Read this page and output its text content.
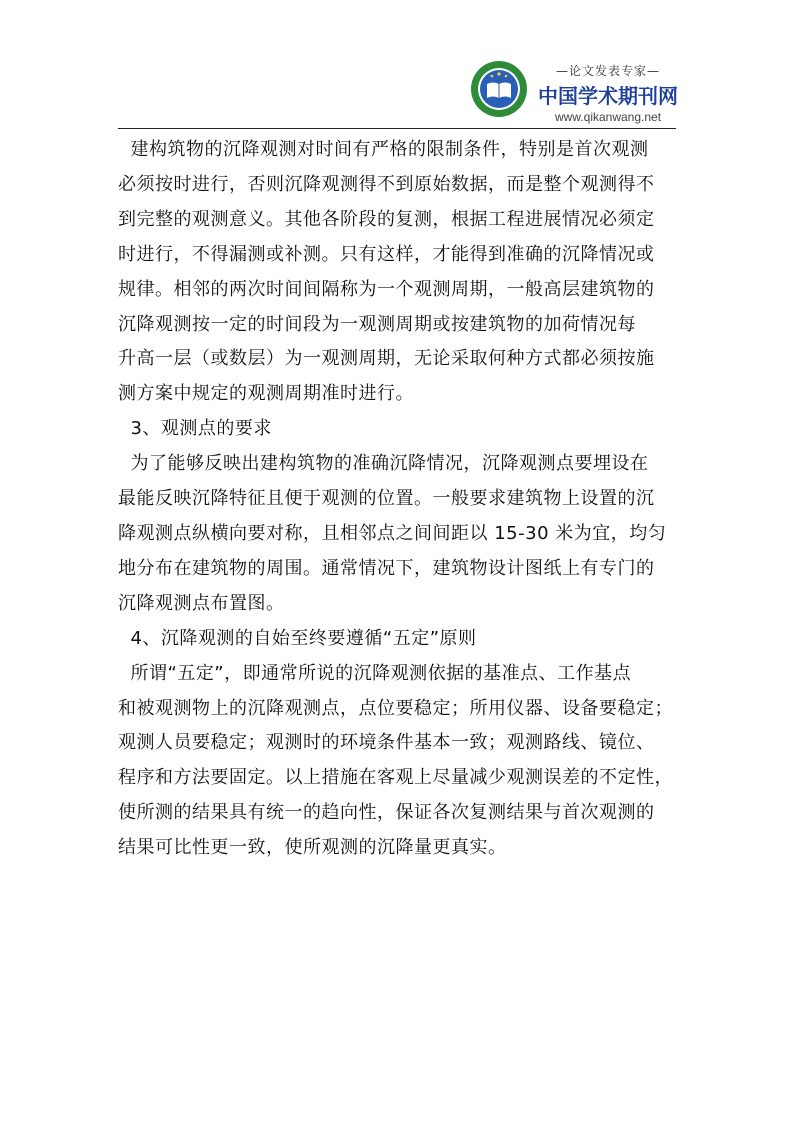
—论文发表专家—
中国学术期刊网
www.qikanwang.net

建构筑物的沉降观测对时间有严格的限制条件，特别是首次观测

必须按时进行，否则沉降观测得不到原始数据，而是整个观测得不

到完整的观测意义。其他各阶段的复测，根据工程进展情况必须定

时进行，不得漏测或补测。只有这样，才能得到准确的沉降情况或

规律。相邻的两次时间间隔称为一个观测周期，一般高层建筑物的

沉降观测按一定的时间段为一观测周期或按建筑物的加荷情况每

升高一层（或数层）为一观测周期，无论采取何种方式都必须按施

测方案中规定的观测周期准时进行。

3、观测点的要求

为了能够反映出建构筑物的准确沉降情况，沉降观测点要埋设在

最能反映沉降特征且便于观测的位置。一般要求建筑物上设置的沉

降观测点纵横向要对称，且相邻点之间间距以 15-30 米为宜，均匀

地分布在建筑物的周围。通常情况下，建筑物设计图纸上有专门的

沉降观测点布置图。

4、沉降观测的自始至终要遵循“五定”原则

所谓“五定”，即通常所说的沉降观测依据的基准点、工作基点

和被观测物上的沉降观测点，点位要稳定；所用仪器、设备要稳定；

观测人员要稳定；观测时的环境条件基本一致；观测路线、镜位、

程序和方法要固定。以上措施在客观上尽量减少观测误差的不定性，

使所测的结果具有统一的趋向性，保证各次复测结果与首次观测的

结果可比性更一致，使所观测的沉降量更真实。
